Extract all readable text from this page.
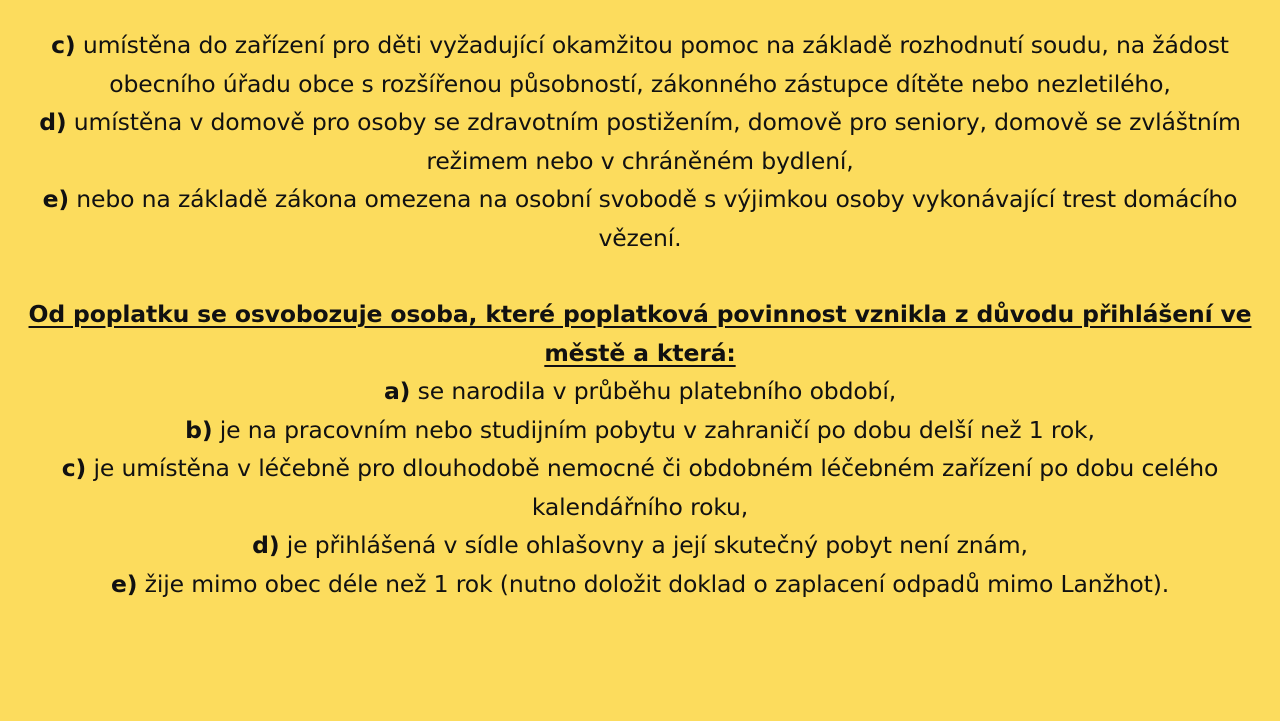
c) umístěna do zařízení pro děti vyžadující okamžitou pomoc na základě rozhodnutí soudu, na žádost obecního úřadu obce s rozšířenou působností, zákonného zástupce dítěte nebo nezletilého,

d) umístěna v domově pro osoby se zdravotním postižením, domově pro seniory, domově se zvláštním režimem nebo v chráněném bydlení,

e) nebo na základě zákona omezena na osobní svobodě s výjimkou osoby vykonávající trest domácího vězení.

Od poplatku se osvobozuje osoba, které poplatková povinnost vznikla z důvodu přihlášení ve městě a která:

a) se narodila v průběhu platebního období,

b) je na pracovním nebo studijním pobytu v zahraničí po dobu delší než 1 rok,

c) je umístěna v léčebně pro dlouhodobě nemocné či obdobném léčebném zařízení po dobu celého kalendářního roku,

d) je přihlášená v sídle ohlašovny a její skutečný pobyt není znám,

e) žije mimo obec déle než 1 rok (nutno doložit doklad o zaplacení odpadů mimo Lanžhot).
